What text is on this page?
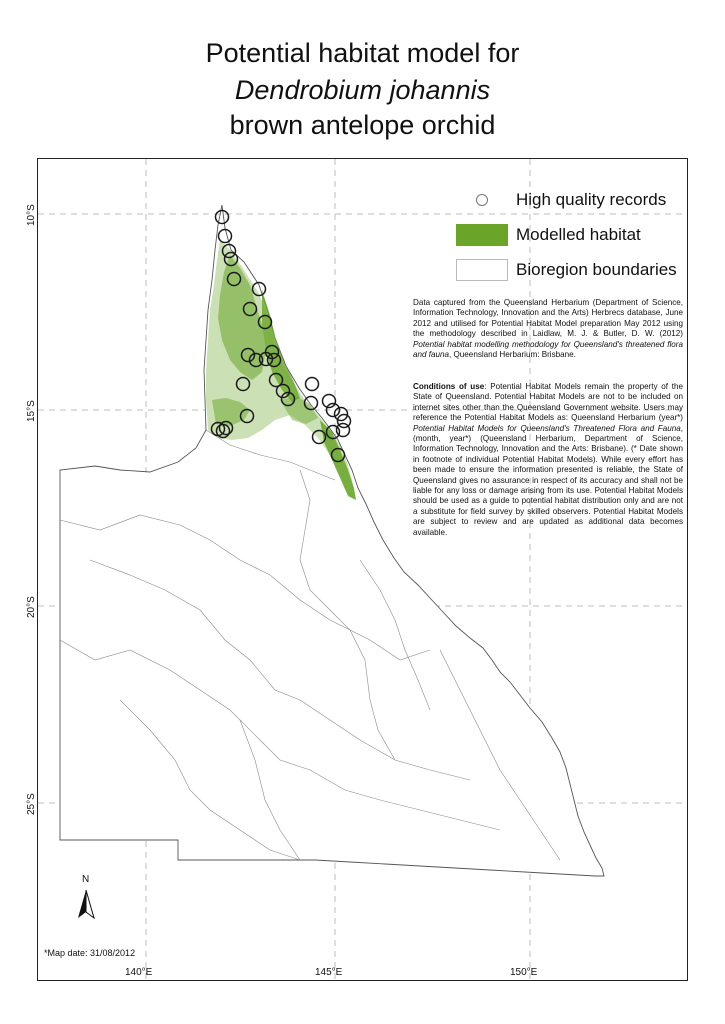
Potential habitat model for
Dendrobium johannis
brown antelope orchid
10°S
15°S
20°S
25°S
140°E	145°E	150°E
High quality records
Modelled habitat
Bioregion boundaries
Data captured from the Queensland Herbarium (Department of Science, Information Technology, Innovation and the Arts) Herbrecs database, June 2012 and utilised for Potential Habitat Model preparation May 2012 using the methodology described in Laidlaw, M. J. & Butler, D. W. (2012) Potential habitat modelling methodology for Queensland's threatened flora and fauna, Queensland Herbarium: Brisbane.
Conditions of use: Potential Habitat Models remain the property of the State of Queensland. Potential Habitat Models are not to be included on internet sites other than the Queensland Government website. Users may reference the Potential Habitat Models as: Queensland Herbarium (year*) Potential Habitat Models for Queensland's Threatened Flora and Fauna, (month, year*) (Queensland Herbarium, Department of Science, Information Technology, Innovation and the Arts: Brisbane). (* Date shown in footnote of individual Potential Habitat Models). While every effort has been made to ensure the information presented is reliable, the State of Queensland gives no assurance in respect of its accuracy and shall not be liable for any loss or damage arising from its use. Potential Habitat Models should be used as a guide to potential habitat distribution only and are not a substitute for field survey by skilled observers. Potential Habitat Models are subject to review and are updated as additional data becomes available.
N
*Map date: 31/08/2012
